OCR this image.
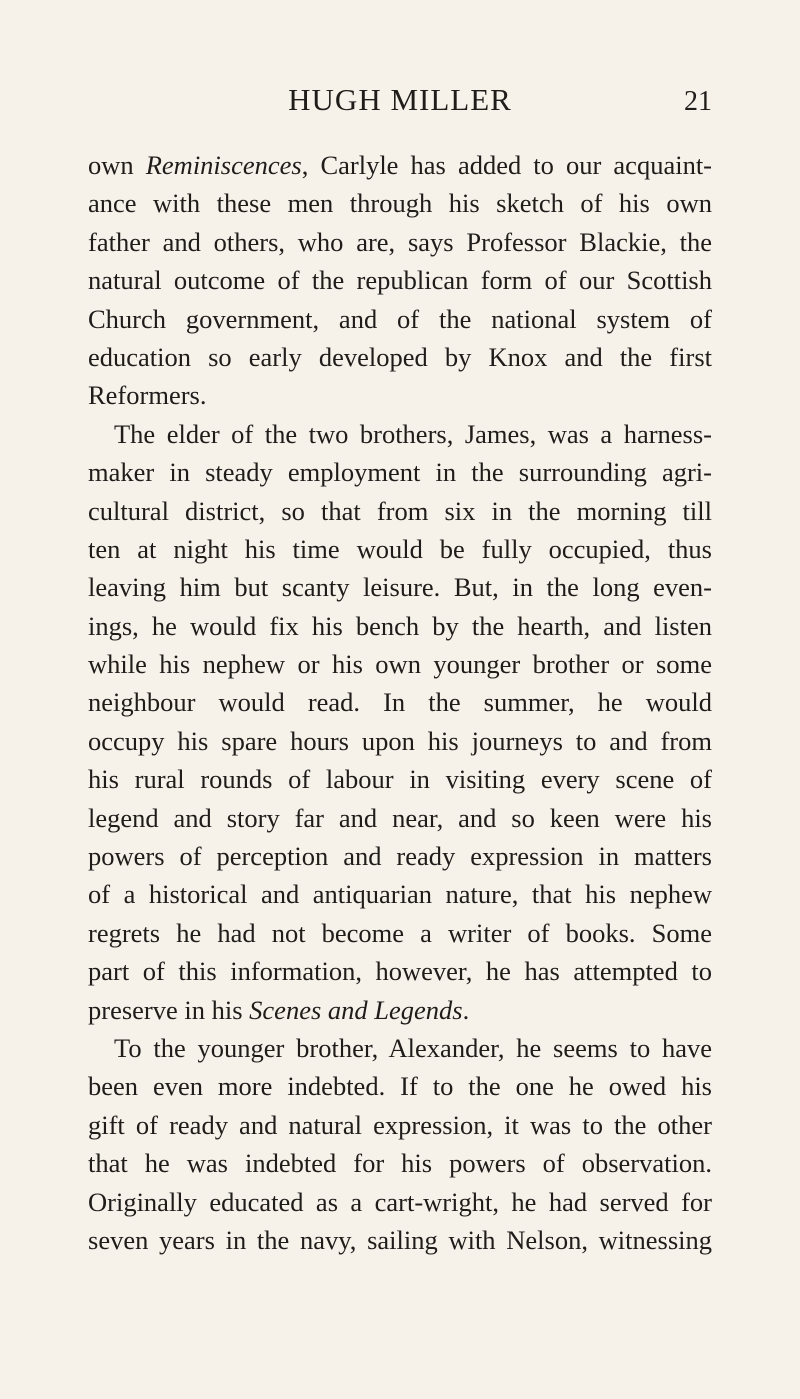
HUGH MILLER	21
own Reminiscences, Carlyle has added to our acquaint-
ance with these men through his sketch of his own
father and others, who are, says Professor Blackie, the
natural outcome of the republican form of our Scottish
Church government, and of the national system of
education so early developed by Knox and the first
Reformers.
The elder of the two brothers, James, was a harness-
maker in steady employment in the surrounding agri-
cultural district, so that from six in the morning till
ten at night his time would be fully occupied, thus
leaving him but scanty leisure. But, in the long even-
ings, he would fix his bench by the hearth, and listen
while his nephew or his own younger brother or some
neighbour would read. In the summer, he would
occupy his spare hours upon his journeys to and from
his rural rounds of labour in visiting every scene of
legend and story far and near, and so keen were his
powers of perception and ready expression in matters
of a historical and antiquarian nature, that his nephew
regrets he had not become a writer of books. Some
part of this information, however, he has attempted to
preserve in his Scenes and Legends.
To the younger brother, Alexander, he seems to have
been even more indebted. If to the one he owed his
gift of ready and natural expression, it was to the other
that he was indebted for his powers of observation.
Originally educated as a cart-wright, he had served for
seven years in the navy, sailing with Nelson, witnessing
